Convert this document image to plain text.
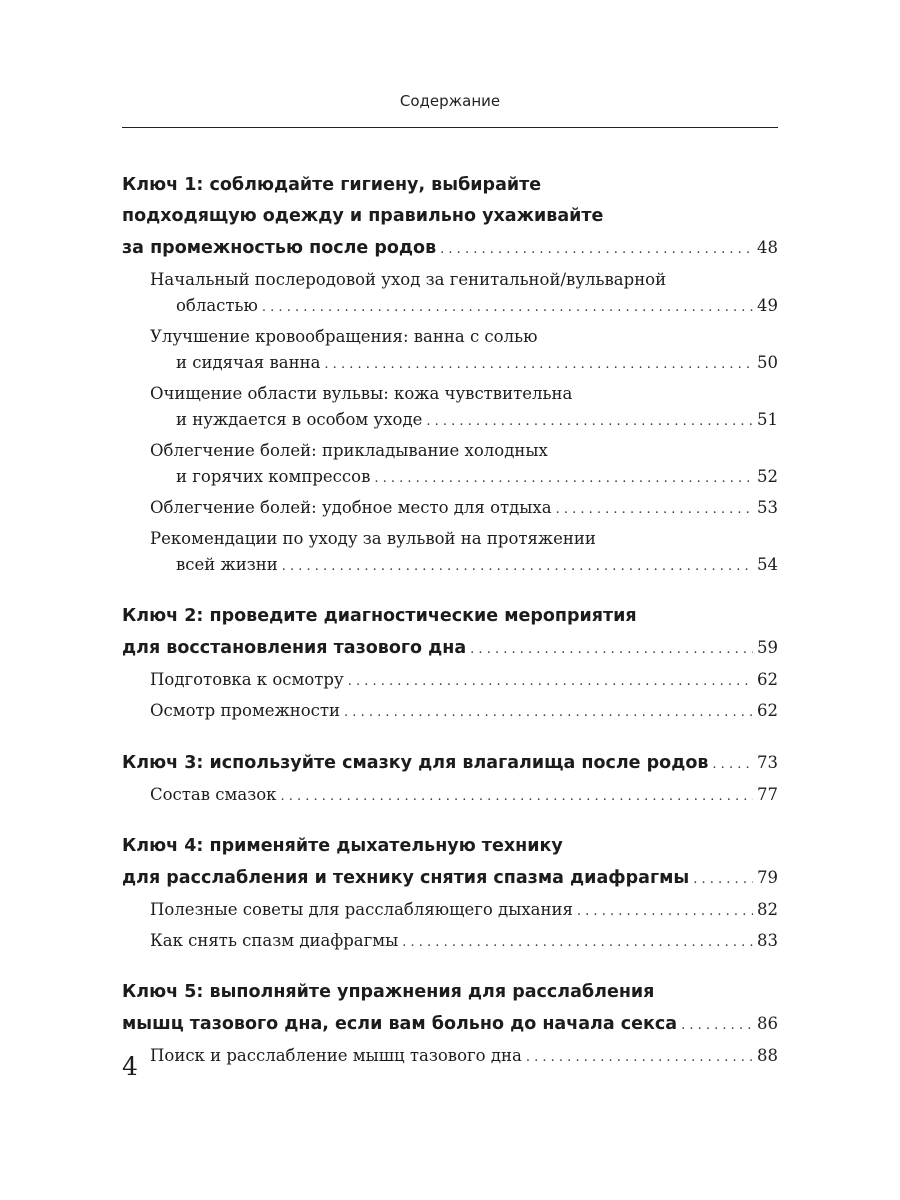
Содержание
Ключ 1: соблюдайте гигиену, выбирайте
подходящую одежду и правильно ухаживайте
за промежностью после родов . . .	48
Начальный послеродовой уход за генитальной/вульварной
областью . . .	49
Улучшение кровообращения: ванна с солью
и сидячая ванна . . .	50
Очищение области вульвы: кожа чувствительна
и нуждается в особом уходе . . .	51
Облегчение болей: прикладывание холодных
и горячих компрессов . . .	52
Облегчение болей: удобное место для отдыха . . .	53
Рекомендации по уходу за вульвой на протяжении
всей жизни . . .	54
Ключ 2: проведите диагностические мероприятия
для восстановления тазового дна . . .	59
Подготовка к осмотру . . .	62
Осмотр промежности . . .	62
Ключ 3: используйте смазку для влагалища после родов . . .	73
Состав смазок . . .	77
Ключ 4: применяйте дыхательную технику
для расслабления и технику снятия спазма диафрагмы . . .	79
Полезные советы для расслабляющего дыхания . . .	82
Как снять спазм диафрагмы . . .	83
Ключ 5: выполняйте упражнения для расслабления
мышц тазового дна, если вам больно до начала секса . . .	86
Поиск и расслабление мышц тазового дна . . .	88
4
